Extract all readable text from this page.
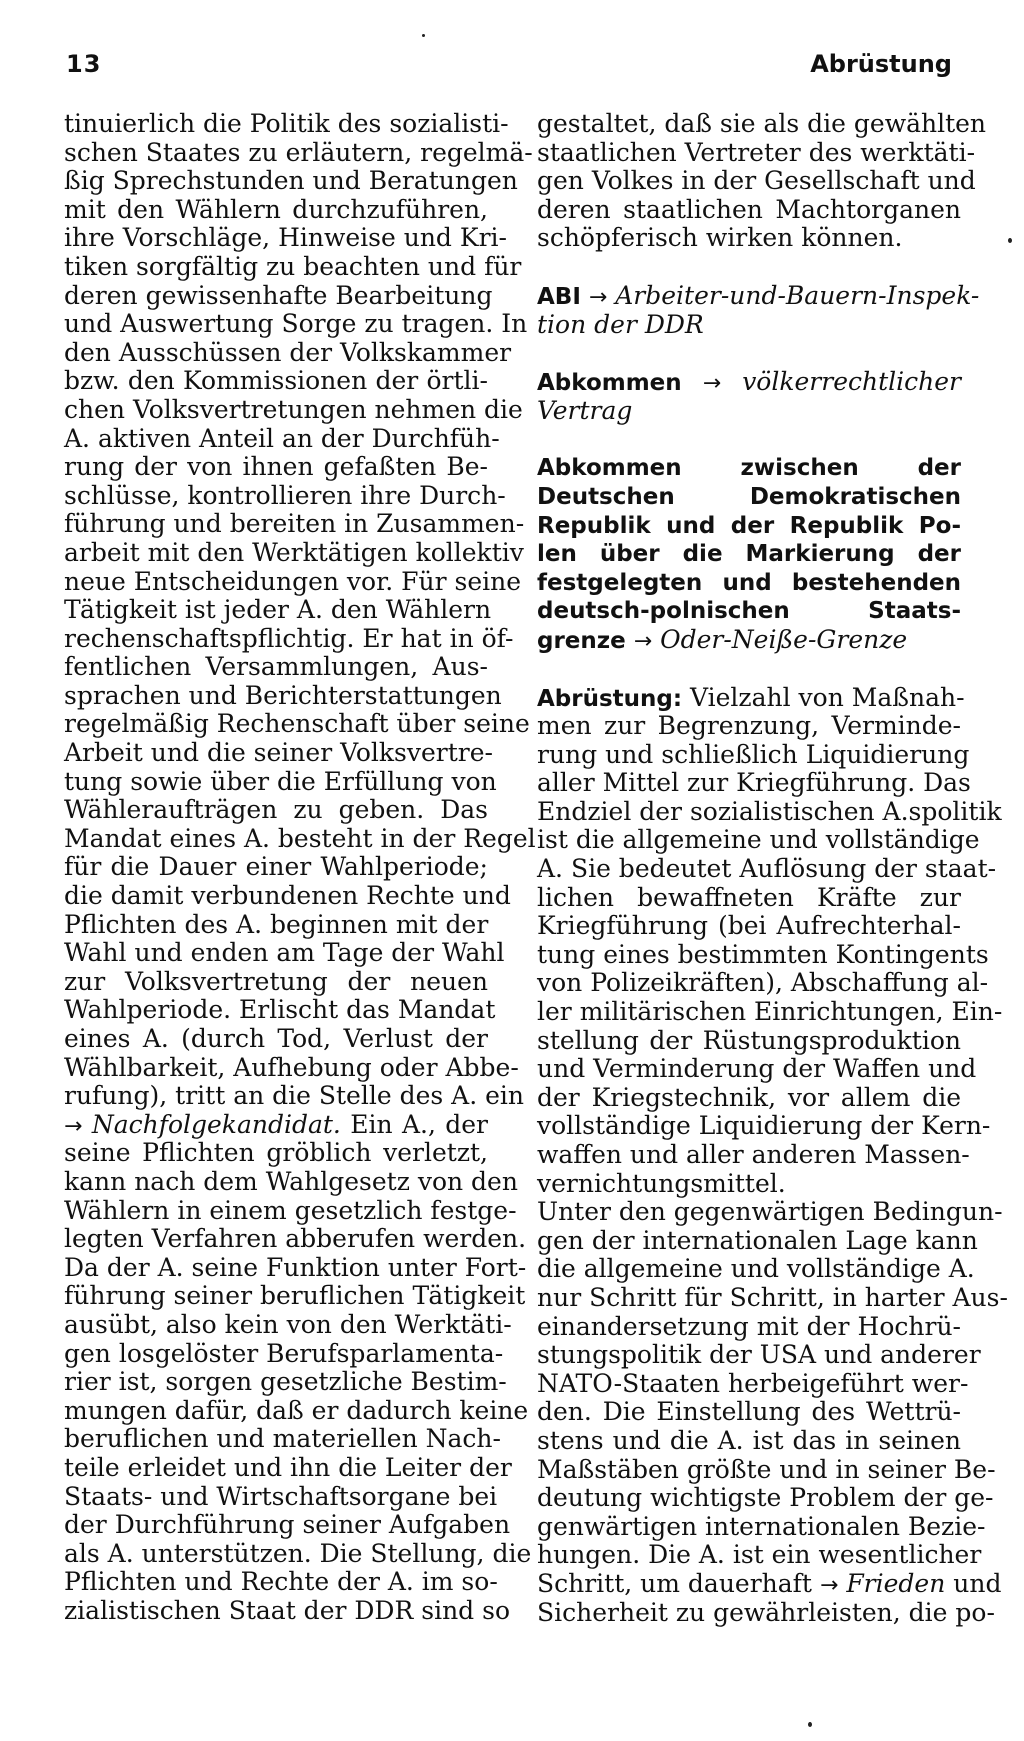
13	Abrüstung
tinuierlich die Politik des sozialisti-
schen Staates zu erläutern, regelmä-
ßig Sprechstunden und Beratungen
mit den Wählern durchzuführen,
ihre Vorschläge, Hinweise und Kri-
tiken sorgfältig zu beachten und für
deren gewissenhafte Bearbeitung
und Auswertung Sorge zu tragen. In
den Ausschüssen der Volkskammer
bzw. den Kommissionen der örtli-
chen Volksvertretungen nehmen die
A. aktiven Anteil an der Durchfüh-
rung der von ihnen gefaßten Be-
schlüsse, kontrollieren ihre Durch-
führung und bereiten in Zusammen-
arbeit mit den Werktätigen kollektiv
neue Entscheidungen vor. Für seine
Tätigkeit ist jeder A. den Wählern
rechenschaftspflichtig. Er hat in öf-
fentlichen Versammlungen, Aus-
sprachen und Berichterstattungen
regelmäßig Rechenschaft über seine
Arbeit und die seiner Volksvertre-
tung sowie über die Erfüllung von
Wähleraufträgen zu geben. Das
Mandat eines A. besteht in der Regel
für die Dauer einer Wahlperiode;
die damit verbundenen Rechte und
Pflichten des A. beginnen mit der
Wahl und enden am Tage der Wahl
zur Volksvertretung der neuen
Wahlperiode. Erlischt das Mandat
eines A. (durch Tod, Verlust der
Wählbarkeit, Aufhebung oder Abbe-
rufung), tritt an die Stelle des A. ein
→ Nachfolgekandidat. Ein A., der
seine Pflichten gröblich verletzt,
kann nach dem Wahlgesetz von den
Wählern in einem gesetzlich festge-
legten Verfahren abberufen werden.
Da der A. seine Funktion unter Fort-
führung seiner beruflichen Tätigkeit
ausübt, also kein von den Werktäti-
gen losgelöster Berufsparlamenta-
rier ist, sorgen gesetzliche Bestim-
mungen dafür, daß er dadurch keine
beruflichen und materiellen Nach-
teile erleidet und ihn die Leiter der
Staats- und Wirtschaftsorgane bei
der Durchführung seiner Aufgaben
als A. unterstützen. Die Stellung, die
Pflichten und Rechte der A. im so-
zialistischen Staat der DDR sind so
gestaltet, daß sie als die gewählten
staatlichen Vertreter des werktäti-
gen Volkes in der Gesellschaft und
deren staatlichen Machtorganen
schöpferisch wirken können.
ABI → Arbeiter-und-Bauern-Inspek-
tion der DDR
Abkommen → völkerrechtlicher
Vertrag
Abkommen zwischen der
Deutschen Demokratischen
Republik und der Republik Po-
len über die Markierung der
festgelegten und bestehenden
deutsch-polnischen Staats-
grenze → Oder-Neiße-Grenze
Abrüstung: Vielzahl von Maßnah-
men zur Begrenzung, Verminde-
rung und schließlich Liquidierung
aller Mittel zur Kriegführung. Das
Endziel der sozialistischen A.spolitik
ist die allgemeine und vollständige
A. Sie bedeutet Auflösung der staat-
lichen bewaffneten Kräfte zur
Kriegführung (bei Aufrechterhal-
tung eines bestimmten Kontingents
von Polizeikräften), Abschaffung al-
ler militärischen Einrichtungen, Ein-
stellung der Rüstungsproduktion
und Verminderung der Waffen und
der Kriegstechnik, vor allem die
vollständige Liquidierung der Kern-
waffen und aller anderen Massen-
vernichtungsmittel.
Unter den gegenwärtigen Bedingun-
gen der internationalen Lage kann
die allgemeine und vollständige A.
nur Schritt für Schritt, in harter Aus-
einandersetzung mit der Hochrü-
stungspolitik der USA und anderer
NATO-Staaten herbeigeführt wer-
den. Die Einstellung des Wettrü-
stens und die A. ist das in seinen
Maßstäben größte und in seiner Be-
deutung wichtigste Problem der ge-
genwärtigen internationalen Bezie-
hungen. Die A. ist ein wesentlicher
Schritt, um dauerhaft → Frieden und
Sicherheit zu gewährleisten, die po-
